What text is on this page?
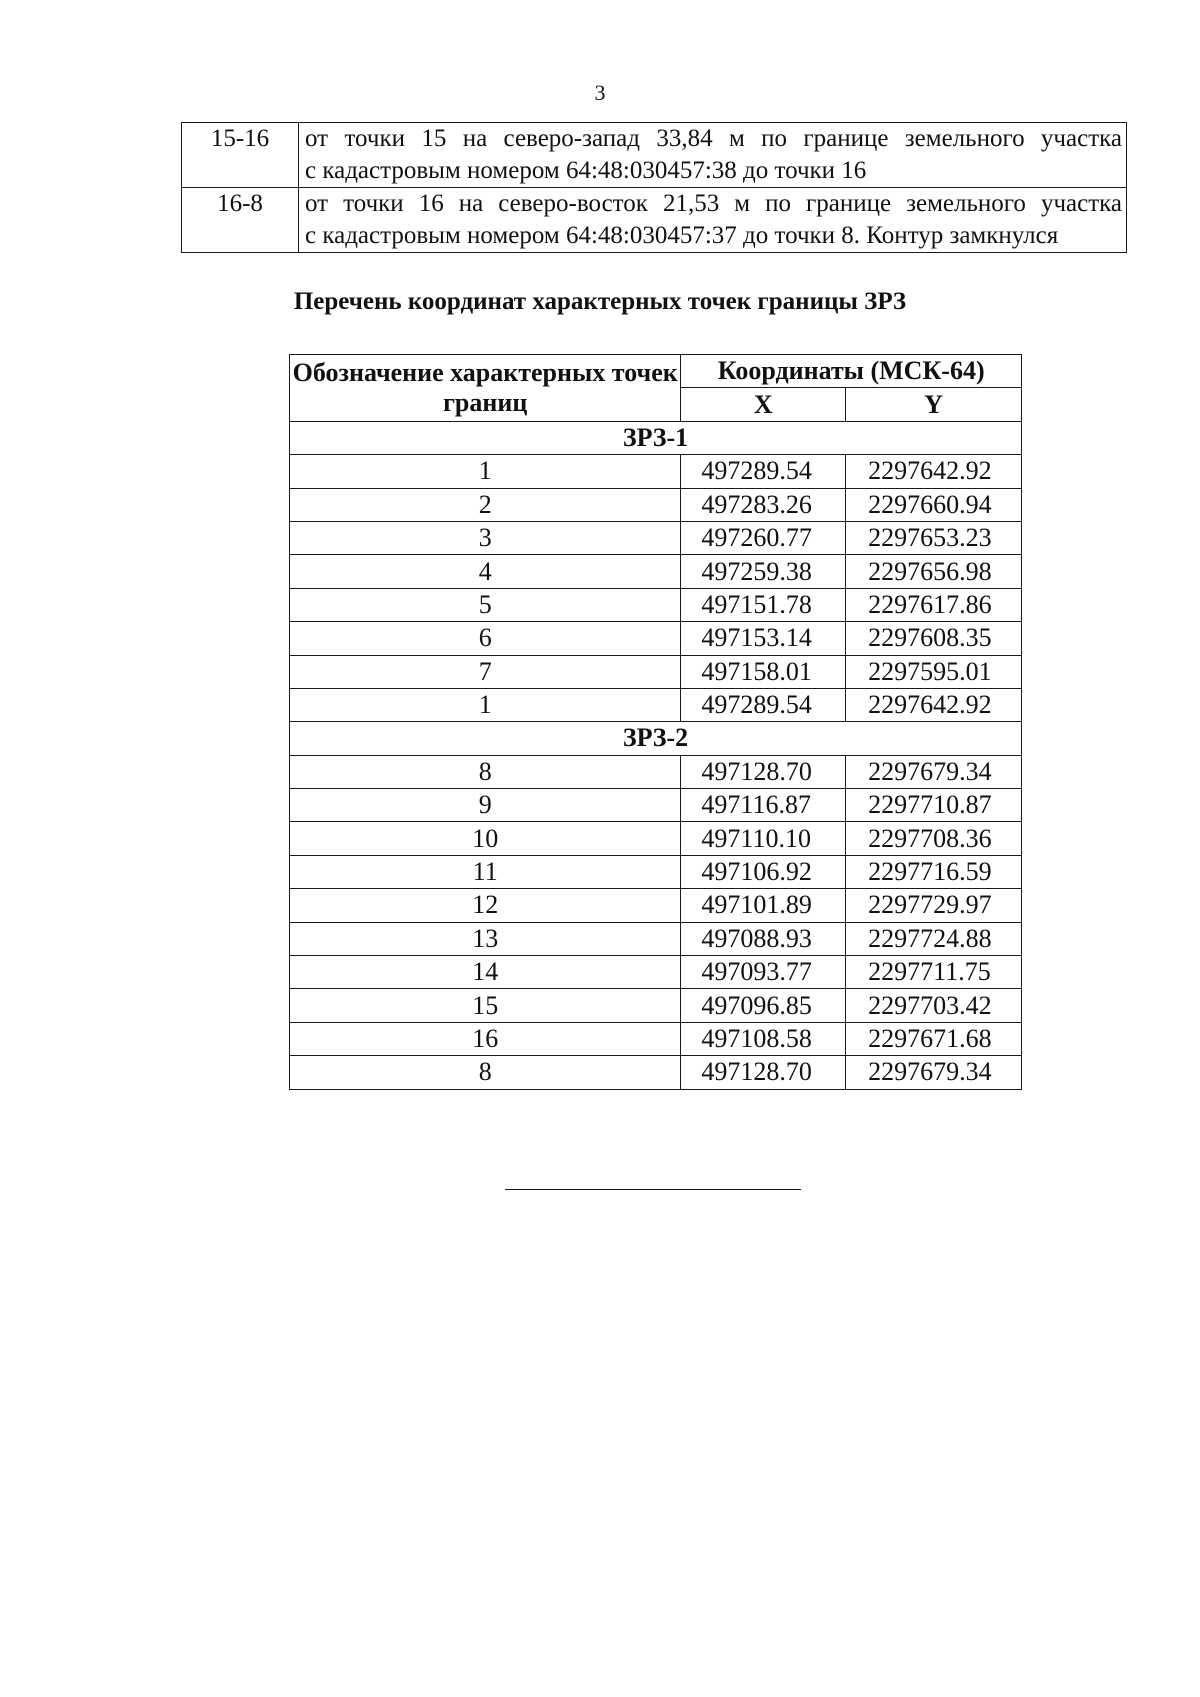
3
15-16	от точки 15 на северо-запад 33,84 м по границе земельного участка
с кадастровым номером 64:48:030457:38 до точки 16

16-8	от точки 16 на северо-восток 21,53 м по границе земельного участка
с кадастровым номером 64:48:030457:37 до точки 8. Контур замкнулся
Перечень координат характерных точек границы ЗРЗ
Обозначение характерных точек границ	Координаты (МСК-64)	
	X	Y
ЗРЗ-1		
1	497289.54	2297642.92
2	497283.26	2297660.94
3	497260.77	2297653.23
4	497259.38	2297656.98
5	497151.78	2297617.86
6	497153.14	2297608.35
7	497158.01	2297595.01
1	497289.54	2297642.92
ЗРЗ-2		
8	497128.70	2297679.34
9	497116.87	2297710.87
10	497110.10	2297708.36
11	497106.92	2297716.59
12	497101.89	2297729.97
13	497088.93	2297724.88
14	497093.77	2297711.75
15	497096.85	2297703.42
16	497108.58	2297671.68
8	497128.70	2297679.34
